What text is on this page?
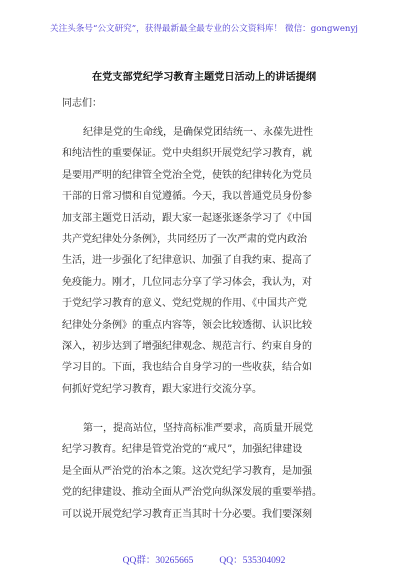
关注头条号“公文研究”，获得最新最全最专业的公文资料库！ 微信：gongwenyj
在党支部党纪学习教育主题党日活动上的讲话提纲
同志们：
纪律是党的生命线，是确保党团结统一、永葆先进性
和纯洁性的重要保证。党中央组织开展党纪学习教育，就
是要用严明的纪律管全党治全党，使铁的纪律转化为党员
干部的日常习惯和自觉遵循。今天，我以普通党员身份参
加支部主题党日活动，跟大家一起逐张逐条学习了《中国
共产党纪律处分条例》，共同经历了一次严肃的党内政治
生活，进一步强化了纪律意识、加强了自我约束、提高了
免疫能力。刚才，几位同志分享了学习体会，我认为，对
于党纪学习教育的意义、党纪党规的作用、《中国共产党
纪律处分条例》的重点内容等，领会比较透彻、认识比较
深入，初步达到了增强纪律观念、规范言行、约束自身的
学习目的。下面，我也结合自身学习的一些收获，结合如
何抓好党纪学习教育，跟大家进行交流分享。
第一，提高站位，坚持高标准严要求，高质量开展党
纪学习教育。纪律是管党治党的“戒尺”，加强纪律建设
是全面从严治党的治本之策。这次党纪学习教育，是加强
党的纪律建设、推动全面从严治党向纵深发展的重要举措。
可以说开展党纪学习教育正当其时十分必要。我们要深刻
QQ群：30265665	QQ：535304092
